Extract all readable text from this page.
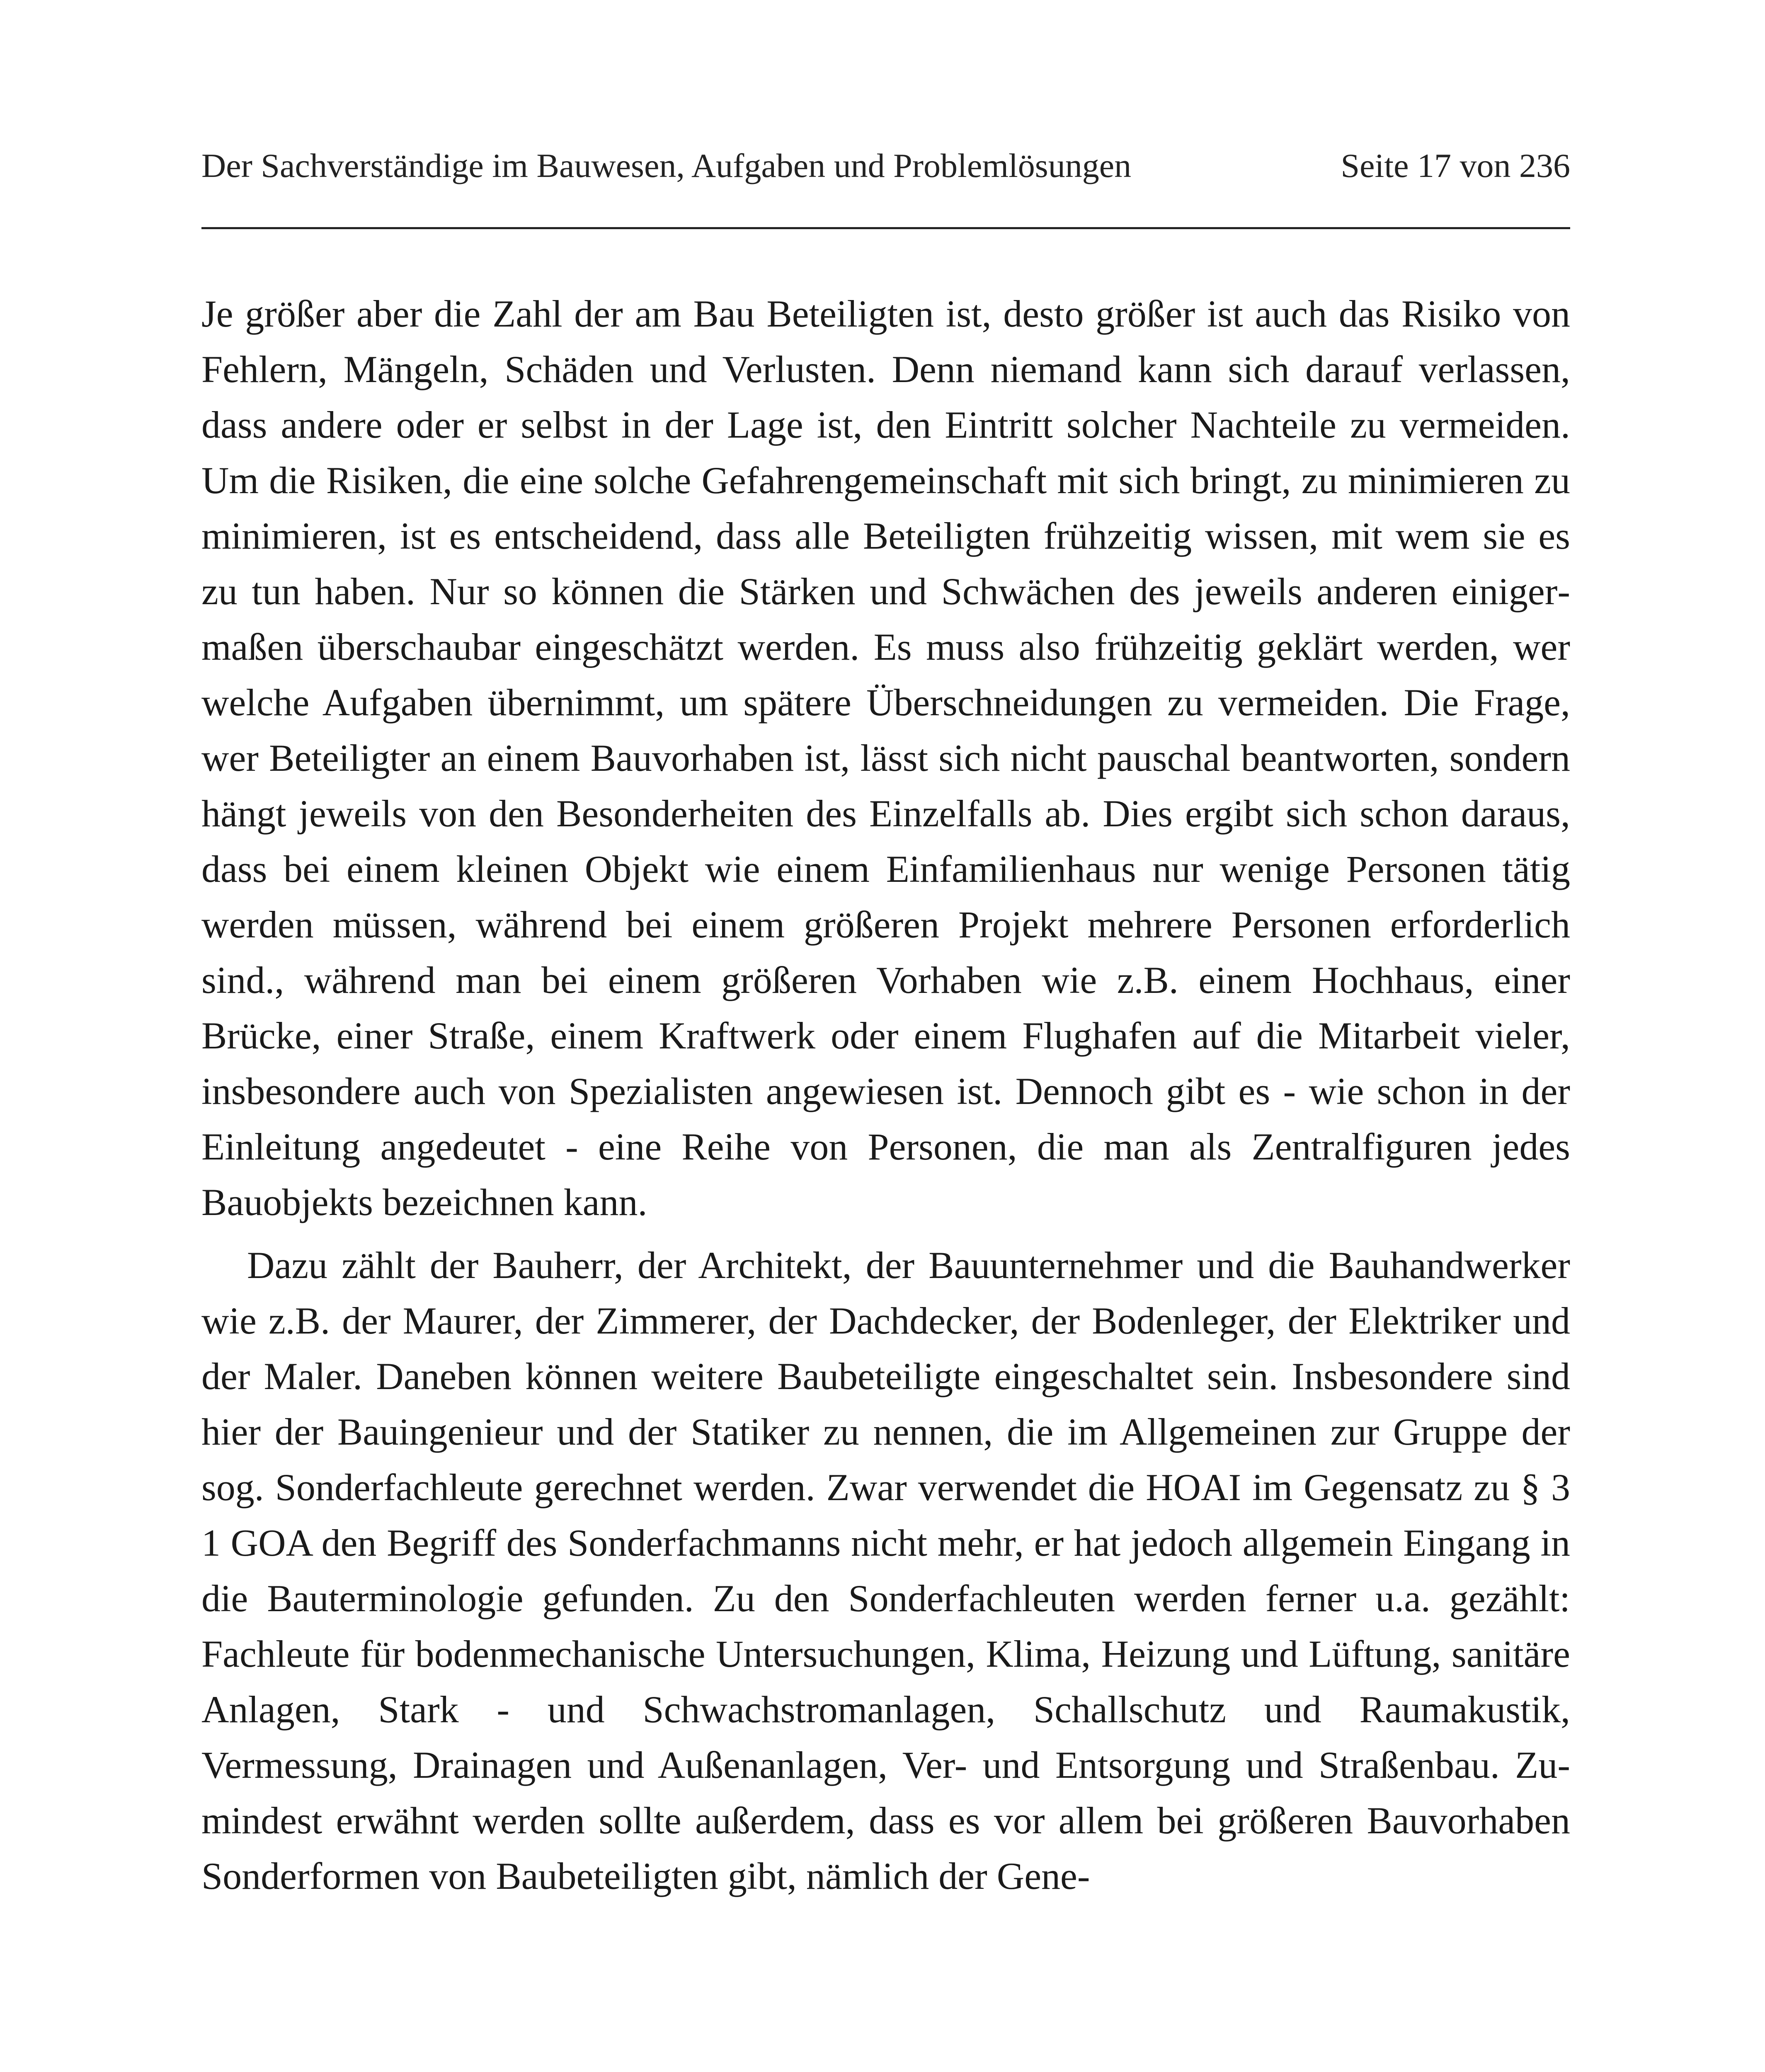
Der Sachverständige im Bauwesen, Aufgaben und Problemlösungen	Seite 17 von 236

Je größer aber die Zahl der am Bau Beteiligten ist, desto größer ist auch das Risiko von Fehlern, Mängeln, Schäden und Verlusten. Denn niemand kann sich darauf verlassen, dass andere oder er selbst in der Lage ist, den Eintritt solcher Nachteile zu vermeiden. Um die Risiken, die eine solche Gefahrengemeinschaft mit sich bringt, zu minimieren zu minimieren, ist es entscheidend, dass alle Beteiligten frühzeitig wissen, mit wem sie es zu tun haben. Nur so können die Stärken und Schwächen des jeweils anderen einigermaßen überschaubar eingeschätzt werden. Es muss also frühzeitig geklärt werden, wer welche Aufgaben übernimmt, um spätere Überschneidungen zu vermeiden. Die Frage, wer Beteiligter an einem Bauvorhaben ist, lässt sich nicht pauschal beantworten, sondern hängt jeweils von den Besonderheiten des Einzelfalls ab. Dies ergibt sich schon daraus, dass bei einem kleinen Objekt wie einem Einfamilienhaus nur wenige Personen tätig werden müssen, während bei einem größeren Projekt mehrere Personen erforderlich sind., während man bei einem größeren Vorhaben wie z.B. einem Hochhaus, einer Brücke, einer Straße, einem Kraftwerk oder einem Flughafen auf die Mitarbeit vieler, insbesondere auch von Spezialisten angewiesen ist. Dennoch gibt es - wie schon in der Einleitung angedeutet - eine Reihe von Personen, die man als Zentralfiguren jedes Bauobjekts bezeichnen kann.

Dazu zählt der Bauherr, der Architekt, der Bauunternehmer und die Bauhandwerker wie z.B. der Maurer, der Zimmerer, der Dachdecker, der Bodenleger, der Elektriker und der Maler. Daneben können weitere Baubeteiligte eingeschaltet sein. Insbesondere sind hier der Bauingenieur und der Statiker zu nennen, die im Allgemeinen zur Gruppe der sog. Sonderfachleute gerechnet werden. Zwar verwendet die HOAI im Gegensatz zu § 3 1 GOA den Begriff des Sonderfachmanns nicht mehr, er hat jedoch allgemein Eingang in die Bauterminologie gefunden. Zu den Sonderfachleuten werden ferner u.a. gezählt: Fachleute für bodenmechanische Untersuchungen, Klima, Heizung und Lüftung, sanitäre Anlagen, Stark - und Schwachstromanlagen, Schallschutz und Raumakustik, Vermessung, Drainagen und Außenanlagen, Ver- und Entsorgung und Straßenbau. Zumindest erwähnt werden sollte außerdem, dass es vor allem bei größeren Bauvorhaben Sonderformen von Baubeteiligten gibt, nämlich der Gene-
